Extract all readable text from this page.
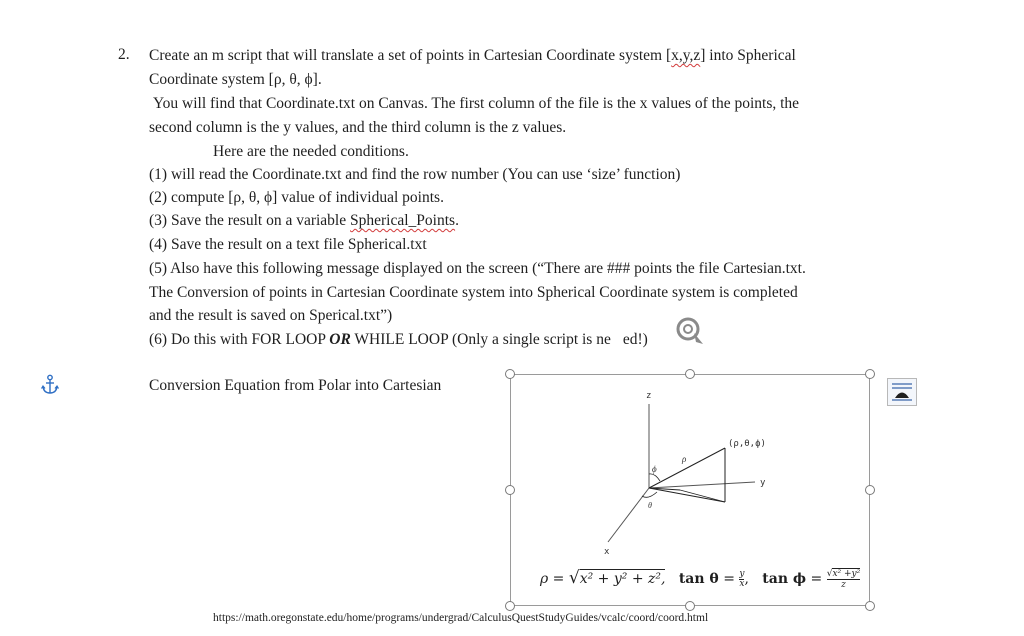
2. Create an m script that will translate a set of points in Cartesian Coordinate system [x,y,z] into Spherical
Coordinate system [ρ, θ, ϕ].
You will find that Coordinate.txt on Canvas. The first column of the file is the x values of the points, the
second column is the y values, and the third column is the z values.
Here are the needed conditions.
(1) will read the Coordinate.txt and find the row number (You can use ‘size’ function)
(2) compute [ρ, θ, ϕ] value of individual points.
(3) Save the result on a variable Spherical_Points.
(4) Save the result on a text file Spherical.txt
(5) Also have this following message displayed on the screen (“There are ### points the file Cartesian.txt.
The Conversion of points in Cartesian Coordinate system into Spherical Coordinate system is completed
and the result is saved on Sperical.txt”)
(6) Do this with FOR LOOP OR WHILE LOOP (Only a single script is ne ed!)
Conversion Equation from Polar into Cartesian
z
y
x
(ρ,θ,ϕ)
ρ
ϕ
θ
ρ = √x² + y² + z², $\tan \theta = \frac{y}{x}$ ,   $\tan \phi = \frac{\text{√x² +y²}}{z}$
https://math.oregonstate.edu/home/programs/undergrad/CalculusQuestStudyGuides/vcalc/coord/coord.html
